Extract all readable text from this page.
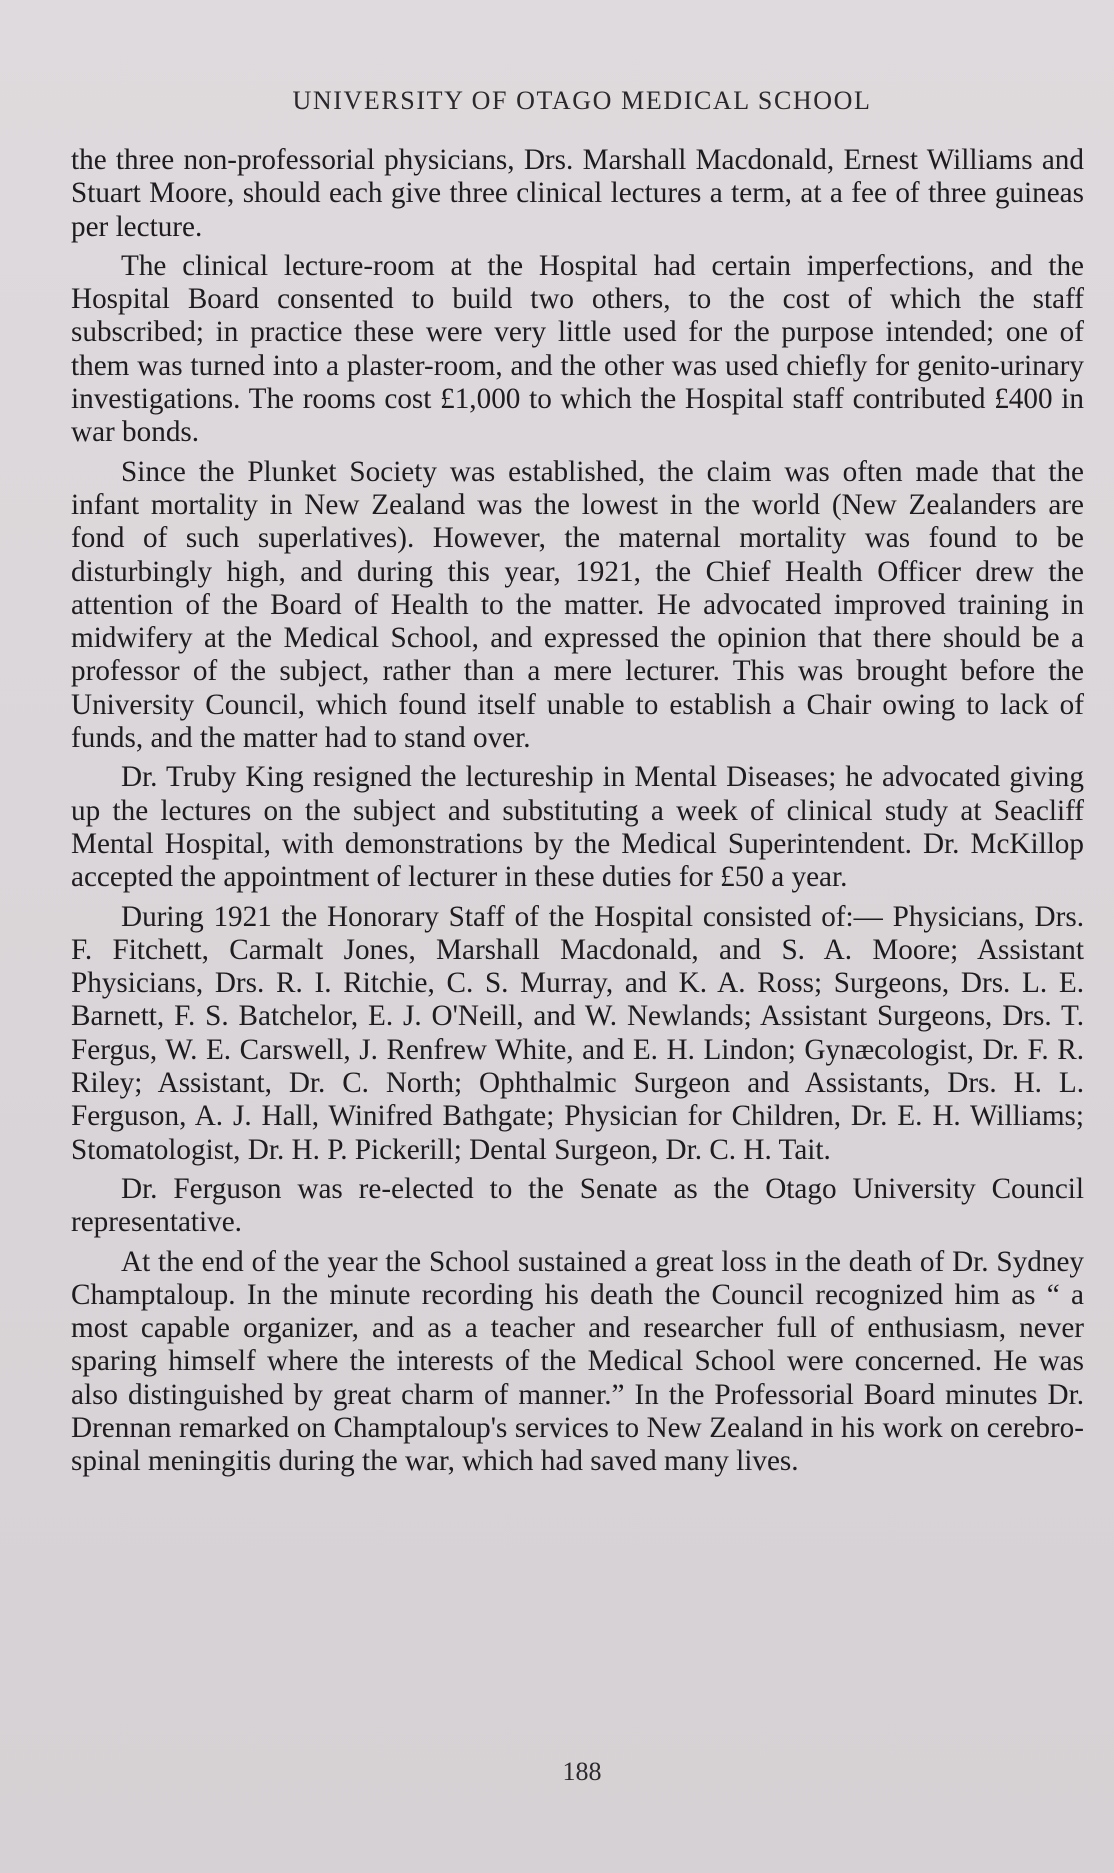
UNIVERSITY OF OTAGO MEDICAL SCHOOL

the three non-professorial physicians, Drs. Marshall Macdonald, Ernest Williams and Stuart Moore, should each give three clinical lectures a term, at a fee of three guineas per lecture.

The clinical lecture-room at the Hospital had certain imperfections, and the Hospital Board consented to build two others, to the cost of which the staff subscribed; in practice these were very little used for the purpose intended; one of them was turned into a plaster-room, and the other was used chiefly for genito-urinary investigations. The rooms cost £1,000 to which the Hospital staff contributed £400 in war bonds.

Since the Plunket Society was established, the claim was often made that the infant mortality in New Zealand was the lowest in the world (New Zealanders are fond of such superlatives). However, the maternal mortality was found to be disturbingly high, and during this year, 1921, the Chief Health Officer drew the attention of the Board of Health to the matter. He advocated improved training in midwifery at the Medical School, and expressed the opinion that there should be a professor of the subject, rather than a mere lecturer. This was brought before the University Council, which found itself unable to establish a Chair owing to lack of funds, and the matter had to stand over.

Dr. Truby King resigned the lectureship in Mental Diseases; he advocated giving up the lectures on the subject and substituting a week of clinical study at Seacliff Mental Hospital, with demonstrations by the Medical Superintendent. Dr. McKillop accepted the appointment of lecturer in these duties for £50 a year.

During 1921 the Honorary Staff of the Hospital consisted of:— Physicians, Drs. F. Fitchett, Carmalt Jones, Marshall Macdonald, and S. A. Moore; Assistant Physicians, Drs. R. I. Ritchie, C. S. Murray, and K. A. Ross; Surgeons, Drs. L. E. Barnett, F. S. Batchelor, E. J. O'Neill, and W. Newlands; Assistant Surgeons, Drs. T. Fergus, W. E. Carswell, J. Renfrew White, and E. H. Lindon; Gynæcologist, Dr. F. R. Riley; Assistant, Dr. C. North; Ophthalmic Surgeon and Assistants, Drs. H. L. Ferguson, A. J. Hall, Winifred Bathgate; Physician for Children, Dr. E. H. Williams; Stomatologist, Dr. H. P. Pickerill; Dental Surgeon, Dr. C. H. Tait.

Dr. Ferguson was re-elected to the Senate as the Otago University Council representative.

At the end of the year the School sustained a great loss in the death of Dr. Sydney Champtaloup. In the minute recording his death the Council recognized him as “ a most capable organizer, and as a teacher and researcher full of enthusiasm, never sparing himself where the interests of the Medical School were concerned. He was also distinguished by great charm of manner.” In the Professorial Board minutes Dr. Drennan remarked on Champtaloup's services to New Zealand in his work on cerebro-spinal meningitis during the war, which had saved many lives.

188
